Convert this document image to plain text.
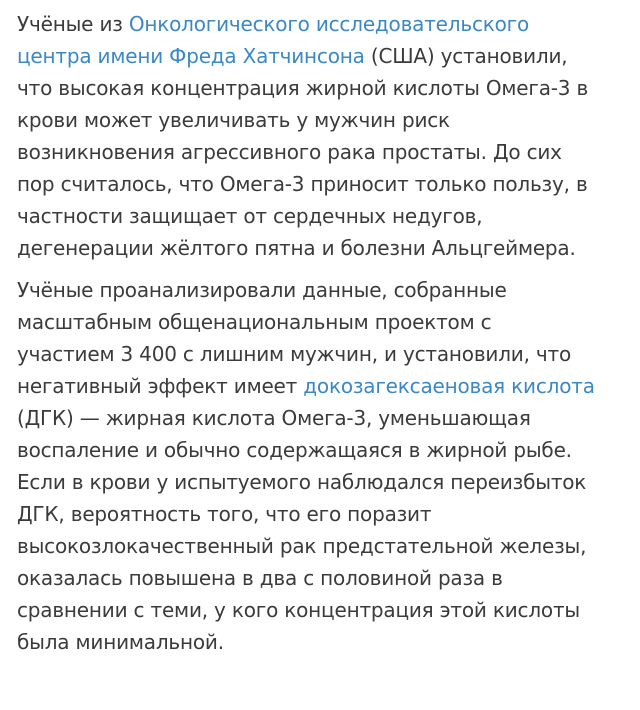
Учёные из Онкологического исследовательского
центра имени Фреда Хатчинсона (США) установили,
что высокая концентрация жирной кислоты Омега-3 в
крови может увеличивать у мужчин риск
возникновения агрессивного рака простаты. До сих
пор считалось, что Омега-3 приносит только пользу, в
частности защищает от сердечных недугов,
дегенерации жёлтого пятна и болезни Альцгеймера.

Учёные проанализировали данные, собранные
масштабным общенациональным проектом с
участием 3 400 с лишним мужчин, и установили, что
негативный эффект имеет докозагексаеновая кислота
(ДГК) — жирная кислота Омега-3, уменьшающая
воспаление и обычно содержащаяся в жирной рыбе.
Если в крови у испытуемого наблюдался переизбыток
ДГК, вероятность того, что его поразит
высокозлокачественный рак предстательной железы,
оказалась повышена в два с половиной раза в
сравнении с теми, у кого концентрация этой кислоты
была минимальной.
